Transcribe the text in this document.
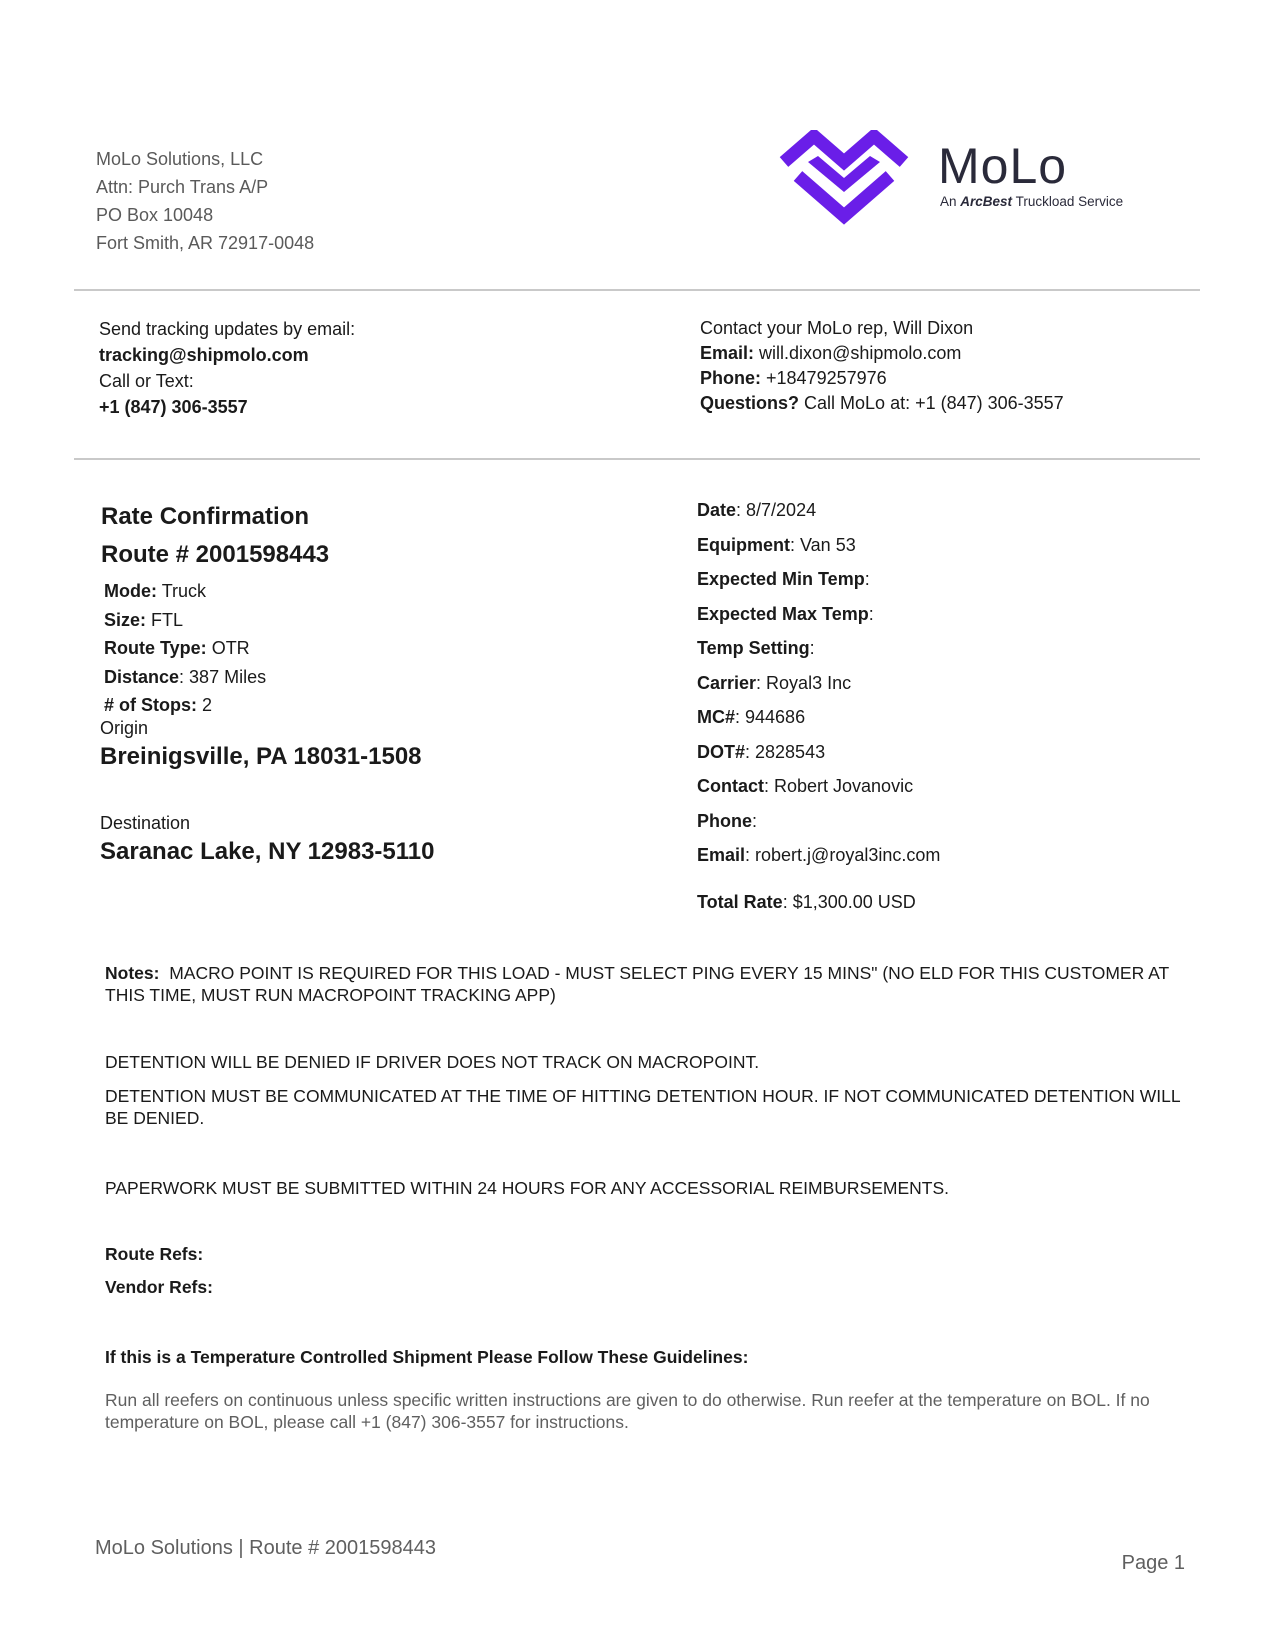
MoLo Solutions, LLC
Attn: Purch Trans A/P
PO Box 10048
Fort Smith, AR 72917-0048
MoLo
An ArcBest Truckload Service
Send tracking updates by email:
tracking@shipmolo.com
Call or Text:
+1 (847) 306-3557
Contact your MoLo rep, Will Dixon
Email: will.dixon@shipmolo.com
Phone: +18479257976
Questions? Call MoLo at: +1 (847) 306-3557
Rate Confirmation
Route # 2001598443
Mode: Truck
Size: FTL
Route Type: OTR
Distance: 387 Miles
# of Stops: 2
Origin
Breinigsville, PA 18031-1508
Destination
Saranac Lake, NY 12983-5110
Date: 8/7/2024
Equipment: Van 53
Expected Min Temp:
Expected Max Temp:
Temp Setting:
Carrier: Royal3 Inc
MC#: 944686
DOT#: 2828543
Contact: Robert Jovanovic
Phone:
Email: robert.j@royal3inc.com
Total Rate: $1,300.00 USD
Notes: MACRO POINT IS REQUIRED FOR THIS LOAD - MUST SELECT PING EVERY 15 MINS" (NO ELD FOR THIS CUSTOMER AT THIS TIME, MUST RUN MACROPOINT TRACKING APP)
DETENTION WILL BE DENIED IF DRIVER DOES NOT TRACK ON MACROPOINT.
DETENTION MUST BE COMMUNICATED AT THE TIME OF HITTING DETENTION HOUR. IF NOT COMMUNICATED DETENTION WILL BE DENIED.
PAPERWORK MUST BE SUBMITTED WITHIN 24 HOURS FOR ANY ACCESSORIAL REIMBURSEMENTS.
Route Refs:
Vendor Refs:
If this is a Temperature Controlled Shipment Please Follow These Guidelines:
Run all reefers on continuous unless specific written instructions are given to do otherwise. Run reefer at the temperature on BOL. If no temperature on BOL, please call +1 (847) 306-3557 for instructions.
MoLo Solutions | Route # 2001598443
Page 1
